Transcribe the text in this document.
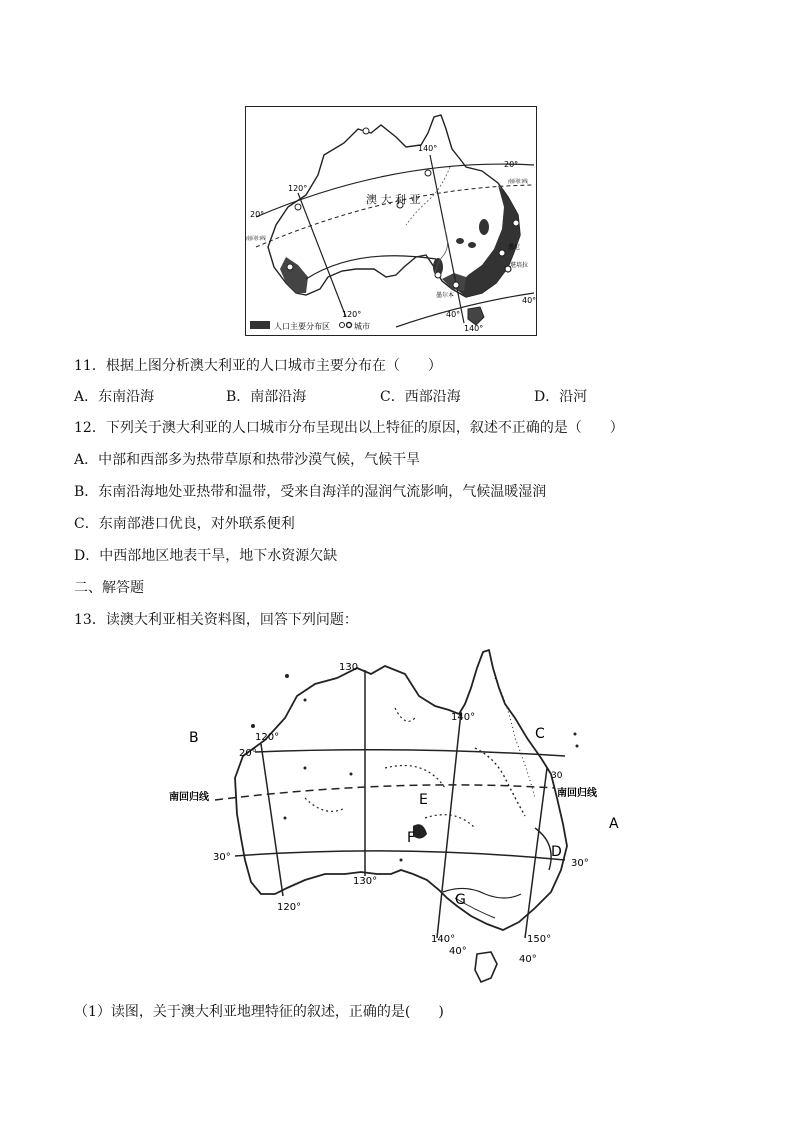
澳 大 利 亚
140°
20°
120°
20°
南回归线
南回归线
悉尼
堪培拉
墨尔本
40°
40°
140°
120°
人口主要分布区	城市
11．根据上图分析澳大利亚的人口城市主要分布在（　　）
A．东南沿海	B．南部沿海	C．西部沿海	D．沿河
12．下列关于澳大利亚的人口城市分布呈现出以上特征的原因，叙述不正确的是（　　）
A．中部和西部多为热带草原和热带沙漠气候，气候干旱
B．东南沿海地处亚热带和温带，受来自海洋的湿润气流影响，气候温暖湿润
C．东南部港口优良，对外联系便利
D．中西部地区地表干旱，地下水资源欠缺
二、解答题
13．读澳大利亚相关资料图，回答下列问题：
B	C
A
D
E
F
G
130
140°
120°
20°
南回归线	南回归线
30
30°
30°
130°
120°
140°	150°
40°
40°
（1）读图，关于澳大利亚地理特征的叙述，正确的是(　　)
